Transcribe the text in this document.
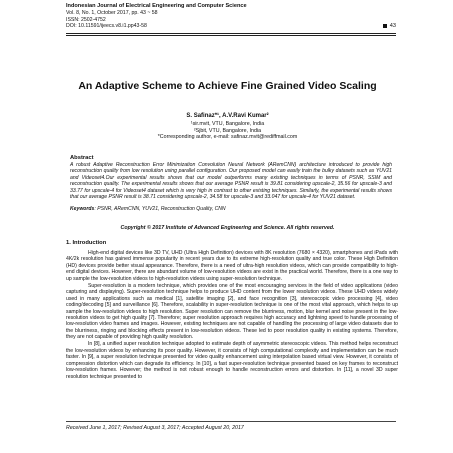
Indonesian Journal of Electrical Engineering and Computer Science
Vol. 8, No. 1, October 2017, pp. 43 ~ 58
ISSN: 2502-4752
DOI: 10.11591/ijeecs.v8.i1.pp43-58	43
An Adaptive Scheme to Achieve Fine Grained Video Scaling
S. Safinaz*¹, A.V.Ravi Kumar²
¹sir.mvit, VTU, Bangalore, India
²Sjbit, VTU, Bangalore, India
*Corresponding author, e-mail: safinaz.mvit@rediffmail.com
Abstract
A robust Adaptive Reconstruction Error Minimization Convolution Neural Network (ARemCNN) architecture introduced to provide high reconstruction quality from low resolution using parallel configuration. Our proposed model can easily train the bulky datasets such as YUV21 and Videoset4.Our experimental results shows that our model outperforms many existing techniques in terms of PSNR, SSIM and reconstruction quality. The experimental results shows that our average PSNR result is 39.81 considering upscale-2, 35.56 for upscale-3 and 33.77 for upscale-4 for Videoset4 dataset which is very high in contrast to other existing techniques. Similarly, the experimental results shows that our average PSNR result is 38.71 considering upscale-2, 34.58 for upscale-3 and 33.047 for upscale-4 for YUV21 dataset.
Keywords: PSNR, ARemCNN, YUV21, Reconstruction Quality, CNN
Copyright © 2017 Institute of Advanced Engineering and Science. All rights reserved.
1. Introduction

High-end digital devices like 3D TV, UHD (Ultra High Definition) devices with 8K resolution (7680 × 4320), smartphones and iPads with 4K/2k resolution has gained immense popularity in recent years due to its extreme high-resolution quality and true color. These High Definition (HD) devices provide better visual appearance. Therefore, there is a need of ultra-high resolution videos, which can provide compatibility to high-end digital devices. However, there are abundant volume of low-resolution videos are exist in the practical world. Therefore, there is a one way to up sample the low-resolution videos to high-resolution videos using super-resolution technique.

Super-resolution is a modern technique, which provides one of the most encouraging services in the field of video applications (video capturing and displaying). Super-resolution technique helps to produce UHD content from the lower resolution videos. These UHD videos widely used in many applications such as medical [1], satellite imaging [2], and face recognition [3], stereoscopic video processing [4], video coding/decoding [5] and surveillance [6]. Therefore, scalability in super-resolution technique is one of the most vital approach, which helps to up sample the low-resolution videos to high resolution. Super resolution can remove the blurriness, motion, blur kernel and noise present in the low-resolution videos to get high quality [7]. Therefore; super resolution approach requires high accuracy and lightning speed to handle processing of low-resolution video frames and images. However, existing techniques are not capable of handling the processing of large video datasets due to the blurriness, ringing and blocking effects present in low-resolution videos. These led to poor resolution quality in existing systems. Therefore, they are not capable of providing high quality resolution.

In [8], a unified super resolution technique adopted to estimate depth of asymmetric stereoscopic videos. This method helps reconstruct the low-resolution videos by enhancing its poor quality. However, it consists of high computational complexity and implementation can be much faster. In [9], a super resolution technique presented for video quality enhancement using interpolation based virtual view. However, it consists of compression distortion which can degrade its efficiency. In [10], a fast super-resolution technique presented based on key frames to reconstruct low-resolution frames. However; the method is not robust enough to handle reconstruction errors and distortion. In [11], a novel 3D super resolution technique presented to

Received June 1, 2017; Revised August 3, 2017; Accepted August 20, 2017
